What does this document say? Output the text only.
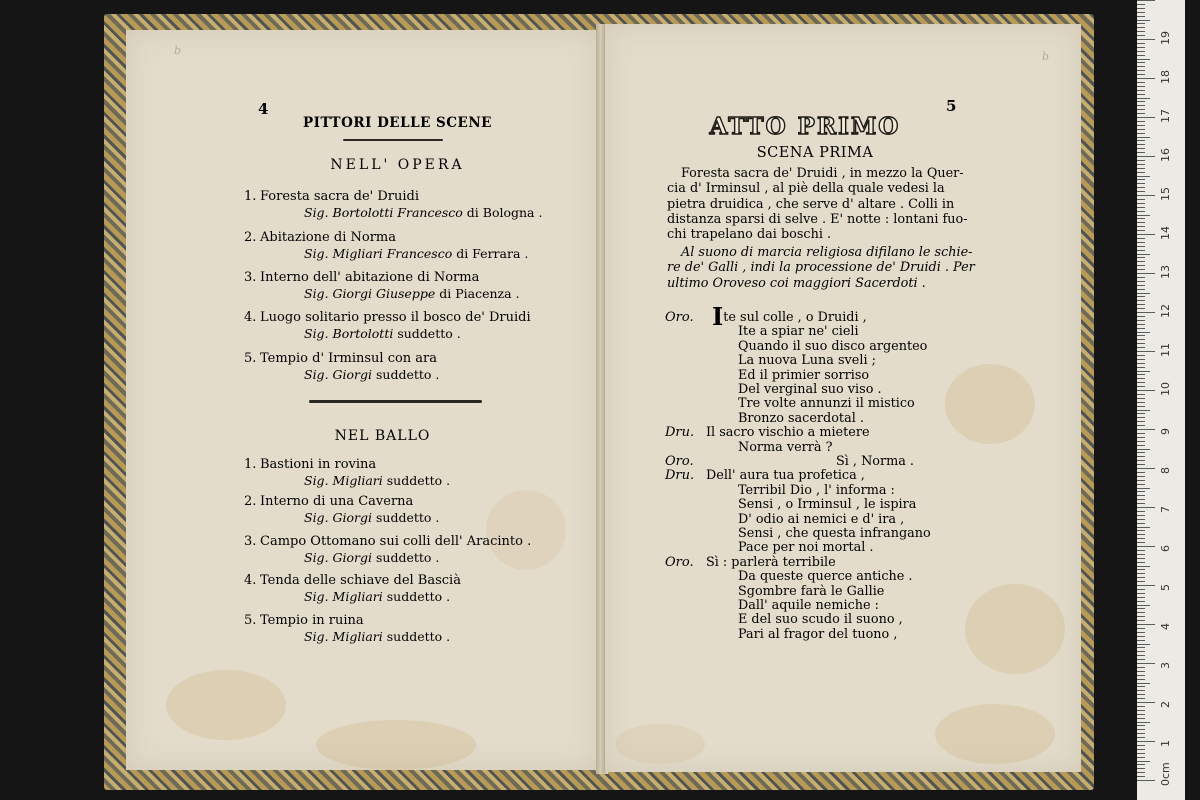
4
PITTORI DELLE SCENE
NELL' OPERA
1. Foresta sacra de' Druidi
Sig. Bortolotti Francesco di Bologna .
2. Abitazione di Norma
Sig. Migliari Francesco di Ferrara .
3. Interno dell' abitazione di Norma
Sig. Giorgi Giuseppe di Piacenza .
4. Luogo solitario presso il bosco de' Druidi
Sig. Bortolotti suddetto .
5. Tempio d' Irminsul con ara
Sig. Giorgi suddetto .
NEL BALLO
1. Bastioni in rovina
Sig. Migliari suddetto .
2. Interno di una Caverna
Sig. Giorgi suddetto .
3. Campo Ottomano sui colli dell' Aracinto .
Sig. Giorgi suddetto .
4. Tenda delle schiave del Bascià
Sig. Migliari suddetto .
5. Tempio in ruina
Sig. Migliari suddetto .
5
ATTO PRIMO
SCENA PRIMA
Foresta sacra de' Druidi , in mezzo la Quer-
cia d' Irminsul , al piè della quale vedesi la
pietra druidica , che serve d' altare . Colli in
distanza sparsi di selve . E' notte : lontani fuo-
chi trapelano dai boschi .
Al suono di marcia religiosa difilano le schie-
re de' Galli , indi la processione de' Druidi . Per
ultimo Oroveso coi maggiori Sacerdoti .
Oro. Ite sul colle , o Druidi ,
Ite a spiar ne' cieli
Quando il suo disco argenteo
La nuova Luna sveli ;
Ed il primier sorriso
Del verginal suo viso .
Tre volte annunzi il mistico
Bronzo sacerdotal .
Dru. Il sacro vischio a mietere
Norma verrà ?
Oro.	Sì , Norma .
Dru. Dell' aura tua profetica ,
Terribil Dio , l' informa :
Sensi , o Irminsul , le ispira
D' odio ai nemici e d' ira ,
Sensi , che questa infrangano
Pace per noi mortal .
Oro. Sì : parlerà terribile
Da queste querce antiche .
Sgombre farà le Gallie
Dall' aquile nemiche :
E del suo scudo il suono ,
Pari al fragor del tuono ,
0cm
1
2
3
4
5
6
7
8
9
10
11
12
13
14
15
16
17
18
19
b	b
